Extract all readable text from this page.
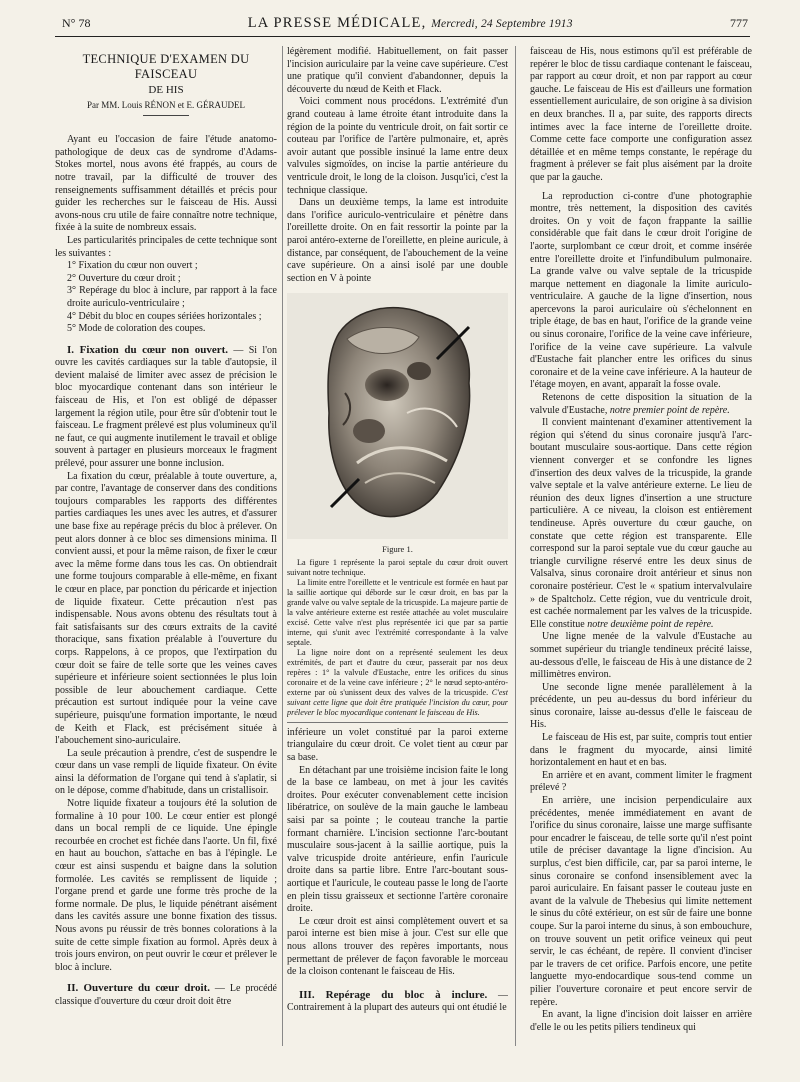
N° 78	LA PRESSE MÉDICALE, Mercredi, 24 Septembre 1913	777
TECHNIQUE D'EXAMEN DU FAISCEAU
DE HIS
Par MM. Louis RÉNON et E. GÉRAUDEL

Ayant eu l'occasion de faire l'étude anatomo-pathologique de deux cas de syndrome d'Adams-Stokes mortel, nous avons été frappés, au cours de notre travail, par la difficulté de trouver des renseignements suffisamment détaillés et précis pour guider les recherches sur le faisceau de His. Aussi avons-nous cru utile de faire connaître notre technique, fixée à la suite de nombreux essais.

Les particularités principales de cette technique sont les suivantes :

1° Fixation du cœur non ouvert ;
2° Ouverture du cœur droit ;
3° Repérage du bloc à inclure, par rapport à la face droite auriculo-ventriculaire ;
4° Débit du bloc en coupes sériées horizontales ;
5° Mode de coloration des coupes.

I. Fixation du cœur non ouvert. — Si l'on ouvre les cavités cardiaques sur la table d'autopsie, il devient malaisé de limiter avec assez de précision le bloc myocardique contenant dans son intérieur le faisceau de His, et l'on est obligé de dépasser largement la région utile, pour être sûr d'obtenir tout le faisceau. Le fragment prélevé est plus volumineux qu'il ne faut, ce qui augmente inutilement le travail et oblige souvent à partager en plusieurs morceaux le fragment prélevé, pour assurer une bonne inclusion.

La fixation du cœur, préalable à toute ouverture, a, par contre, l'avantage de conserver dans des conditions toujours comparables les rapports des différentes parties cardiaques les unes avec les autres, et d'assurer une base fixe au repérage précis du bloc à prélever. On peut alors donner à ce bloc ses dimensions minima. Il convient aussi, et pour la même raison, de fixer le cœur avec la même forme dans tous les cas. On obtiendrait une forme toujours comparable à elle-même, en fixant le cœur en place, par ponction du péricarde et injection de liquide fixateur. Cette précaution n'est pas indispensable. Nous avons obtenu des résultats tout à fait satisfaisants sur des cœurs extraits de la cavité thoracique, sans fixation préalable à l'ouverture du corps. Rappelons, à ce propos, que l'extirpation du cœur doit se faire de telle sorte que les veines caves supérieure et inférieure soient sectionnées le plus loin possible de leur abouchement cardiaque. Cette précaution est surtout indiquée pour la veine cave supérieure, puisqu'une formation importante, le nœud de Keith et Flack, est précisément située à l'abouchement sino-auriculaire.

La seule précaution à prendre, c'est de suspendre le cœur dans un vase rempli de liquide fixateur. On évite ainsi la déformation de l'organe qui tend à s'aplatir, si on le dépose, comme d'habitude, dans un cristallisoir.

Notre liquide fixateur a toujours été la solution de formaline à 10 pour 100. Le cœur entier est plongé dans un bocal rempli de ce liquide. Une épingle recourbée en crochet est fichée dans l'aorte. Un fil, fixé en haut au bouchon, s'attache en bas à l'épingle. Le cœur est ainsi suspendu et baigne dans la solution formolée. Les cavités se remplissent de liquide ; l'organe prend et garde une forme très proche de la forme normale. De plus, le liquide pénétrant aisément dans les cavités assure une bonne fixation des tissus. Nous avons pu réussir de très bonnes colorations à la suite de cette simple fixation au formol. Après deux à trois jours environ, on peut ouvrir le cœur et prélever le bloc à inclure.

II. Ouverture du cœur droit. — Le procédé classique d'ouverture du cœur droit doit être

légèrement modifié. Habituellement, on fait passer l'incision auriculaire par la veine cave supérieure. C'est une pratique qu'il convient d'abandonner, depuis la découverte du nœud de Keith et Flack.

Voici comment nous procédons. L'extrémité d'un grand couteau à lame étroite étant introduite dans la région de la pointe du ventricule droit, on fait sortir ce couteau par l'orifice de l'artère pulmonaire, et, après avoir autant que possible insinué la lame entre deux valvules sigmoïdes, on incise la partie antérieure du ventricule droit, le long de la cloison. Jusqu'ici, c'est la technique classique.

Dans un deuxième temps, la lame est introduite dans l'orifice auriculo-ventriculaire et pénètre dans l'oreillette droite. On en fait ressortir la pointe par la paroi antéro-externe de l'oreillette, en pleine auricule, à distance, par conséquent, de l'abouchement de la veine cave supérieure. On a ainsi isolé par une double section en V à pointe

Figure 1.

La figure 1 représente la paroi septale du cœur droit ouvert suivant notre technique.

La limite entre l'oreillette et le ventricule est formée en haut par la saillie aortique qui déborde sur le cœur droit, en bas par la grande valve ou valve septale de la tricuspide. La majeure partie de la valve antérieure externe est restée attachée au volet musculaire excisé. Cette valve n'est plus représentée ici que par sa partie interne, qui s'unit avec l'extrémité correspondante à la valve septale.

La ligne noire dont on a représenté seulement les deux extrémités, de part et d'autre du cœur, passerait par nos deux repères : 1° la valvule d'Eustache, entre les orifices du sinus coronaire et de la veine cave inférieure ; 2° le nœud septo-antéro-externe par où s'unissent deux des valves de la tricuspide. C'est suivant cette ligne que doit être pratiquée l'incision du cœur, pour prélever le bloc myocardique contenant le faisceau de His.

inférieure un volet constitué par la paroi externe triangulaire du cœur droit. Ce volet tient au cœur par sa base.

En détachant par une troisième incision faite le long de la base ce lambeau, on met à jour les cavités droites. Pour exécuter convenablement cette incision libératrice, on soulève de la main gauche le lambeau saisi par sa pointe ; le couteau tranche la partie formant charnière. L'incision sectionne l'arc-boutant musculaire sous-jacent à la saillie aortique, puis la valve tricuspide droite antérieure, enfin l'auricule droite dans sa partie libre. Entre l'arc-boutant sous-aortique et l'auricule, le couteau passe le long de l'aorte en plein tissu graisseux et sectionne l'artère coronaire droite.

Le cœur droit est ainsi complètement ouvert et sa paroi interne est bien mise à jour. C'est sur elle que nous allons trouver des repères importants, nous permettant de prélever de façon favorable le morceau de la cloison contenant le faisceau de His.

III. Repérage du bloc à inclure. — Contrairement à la plupart des auteurs qui ont étudié le

faisceau de His, nous estimons qu'il est préférable de repérer le bloc de tissu cardiaque contenant le faisceau, par rapport au cœur droit, et non par rapport au cœur gauche. Le faisceau de His est d'ailleurs une formation essentiellement auriculaire, de son origine à sa division en deux branches. Il a, par suite, des rapports directs intimes avec la face interne de l'oreillette droite. Comme cette face comporte une configuration assez détaillée et en même temps constante, le repérage du fragment à prélever se fait plus aisément par la droite que par la gauche.

La reproduction ci-contre d'une photographie montre, très nettement, la disposition des cavités droites. On y voit de façon frappante la saillie considérable que fait dans le cœur droit l'origine de l'aorte, surplombant ce cœur droit, et comme insérée entre l'oreillette droite et l'infundibulum pulmonaire. La grande valve ou valve septale de la tricuspide marque nettement en diagonale la limite auriculo-ventriculaire. A gauche de la ligne d'insertion, nous apercevons la paroi auriculaire où s'échelonnent en triple étage, de bas en haut, l'orifice de la grande veine ou sinus coronaire, l'orifice de la veine cave inférieure, l'orifice de la veine cave supérieure. La valvule d'Eustache fait plancher entre les orifices du sinus coronaire et de la veine cave inférieure. A la hauteur de l'étage moyen, en avant, apparaît la fosse ovale.

Retenons de cette disposition la situation de la valvule d'Eustache, notre premier point de repère.

Il convient maintenant d'examiner attentivement la région qui s'étend du sinus coronaire jusqu'à l'arc-boutant musculaire sous-aortique. Dans cette région viennent converger et se confondre les lignes d'insertion des deux valves de la tricuspide, la grande valve septale et la valve antérieure externe. Le lieu de réunion des deux lignes d'insertion a une structure particulière. A ce niveau, la cloison est entièrement tendineuse. Après ouverture du cœur gauche, on constate que cette région est transparente. Elle correspond sur la paroi septale vue du cœur gauche au triangle curviligne réservé entre les deux sinus de Valsalva, sinus coronaire droit antérieur et sinus non coronaire postérieur. C'est le « spatium intervalvulaire » de Spaltcholz. Cette région, vue du ventricule droit, est cachée normalement par les valves de la tricuspide. Elle constitue notre deuxième point de repère.

Une ligne menée de la valvule d'Eustache au sommet supérieur du triangle tendineux précité laisse, au-dessous d'elle, le faisceau de His à une distance de 2 millimètres environ.

Une seconde ligne menée parallèlement à la précédente, un peu au-dessus du bord inférieur du sinus coronaire, laisse au-dessus d'elle le faisceau de His.

Le faisceau de His est, par suite, compris tout entier dans le fragment du myocarde, ainsi limité horizontalement en haut et en bas.

En arrière et en avant, comment limiter le fragment prélevé ?

En arrière, une incision perpendiculaire aux précédentes, menée immédiatement en avant de l'orifice du sinus coronaire, laisse une marge suffisante pour encadrer le faisceau, de telle sorte qu'il n'est point utile de préciser davantage la ligne d'incision. Au surplus, c'est bien difficile, car, par sa paroi interne, le sinus coronaire se confond insensiblement avec la paroi auriculaire. En faisant passer le couteau juste en avant de la valvule de Thebesius qui limite nettement le sinus du côté extérieur, on est sûr de faire une bonne coupe. Sur la paroi interne du sinus, à son embouchure, on trouve souvent un petit orifice veineux qui peut servir, le cas échéant, de repère. Il convient d'inciser par le travers de cet orifice. Parfois encore, une petite languette myo-endocardique sous-tend comme un pilier l'ouverture coronaire et peut encore servir de repère.

En avant, la ligne d'incision doit laisser en arrière d'elle le ou les petits piliers tendineux qui
